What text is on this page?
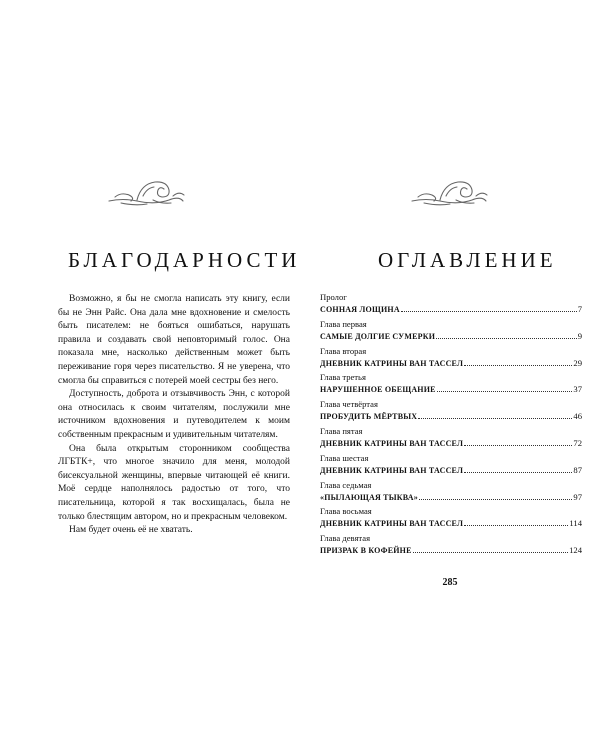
БЛАГОДАРНОСТИ

Возможно, я бы не смогла написать эту книгу, если бы не Энн Райс. Она дала мне вдохновение и смелость быть писателем: не бояться ошибаться, нарушать правила и создавать свой неповторимый голос. Она показала мне, насколько действенным может быть переживание горя через писательство. Я не уверена, что смогла бы справиться с потерей моей сестры без него.

Доступность, доброта и отзывчивость Энн, с которой она относилась к своим читателям, послужили мне источником вдохновения и путеводителем к моим собственным прекрасным и удивительным читателям.

Она была открытым сторонником сообщества ЛГБТК+, что многое значило для меня, молодой бисексуальной женщины, впервые читающей её книги. Моё сердце наполнялось радостью от того, что писательница, которой я так восхищалась, была не только блестящим автором, но и прекрасным человеком.

Нам будет очень её не хватать.

ОГЛАВЛЕНИЕ
Пролог
СОННАЯ ЛОЩИНА	7
Глава первая
САМЫЕ ДОЛГИЕ СУМЕРКИ	9
Глава вторая
ДНЕВНИК КАТРИНЫ ВАН ТАССЕЛ	29
Глава третья
НАРУШЕННОЕ ОБЕЩАНИЕ	37
Глава четвёртая
ПРОБУДИТЬ МЁРТВЫХ	46
Глава пятая
ДНЕВНИК КАТРИНЫ ВАН ТАССЕЛ	72
Глава шестая
ДНЕВНИК КАТРИНЫ ВАН ТАССЕЛ	87
Глава седьмая
«ПЫЛАЮЩАЯ ТЫКВА»	97
Глава восьмая
ДНЕВНИК КАТРИНЫ ВАН ТАССЕЛ	114
Глава девятая
ПРИЗРАК В КОФЕЙНЕ	124
285
